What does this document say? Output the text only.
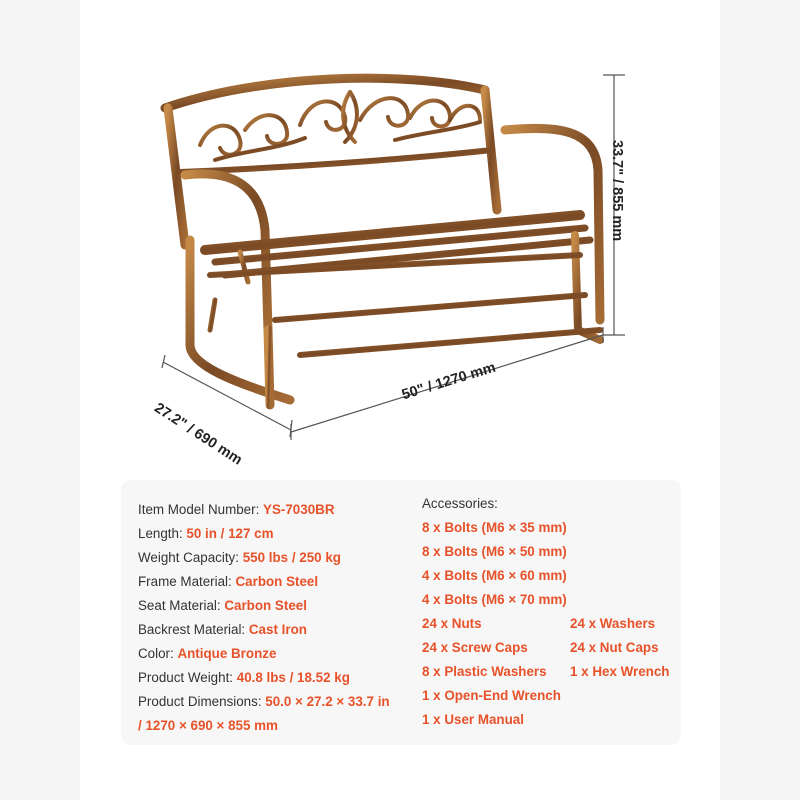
27.2" / 690 mm
50" / 1270 mm
33.7" / 855 mm
Item Model Number: YS-7030BR
Length: 50 in / 127 cm
Weight Capacity: 550 lbs / 250 kg
Frame Material: Carbon Steel
Seat Material: Carbon Steel
Backrest Material: Cast Iron
Color: Antique Bronze
Product Weight: 40.8 lbs / 18.52 kg
Product Dimensions: 50.0 × 27.2 × 33.7 in
/ 1270 × 690 × 855 mm
Accessories:
8 x Bolts (M6 × 35 mm)
8 x Bolts (M6 × 50 mm)
4 x Bolts (M6 × 60 mm)
4 x Bolts (M6 × 70 mm)
24 x Nuts	24 x Washers
24 x Screw Caps	24 x Nut Caps
8 x Plastic Washers 1 x Hex Wrench
1 x Open-End Wrench
1 x User Manual
